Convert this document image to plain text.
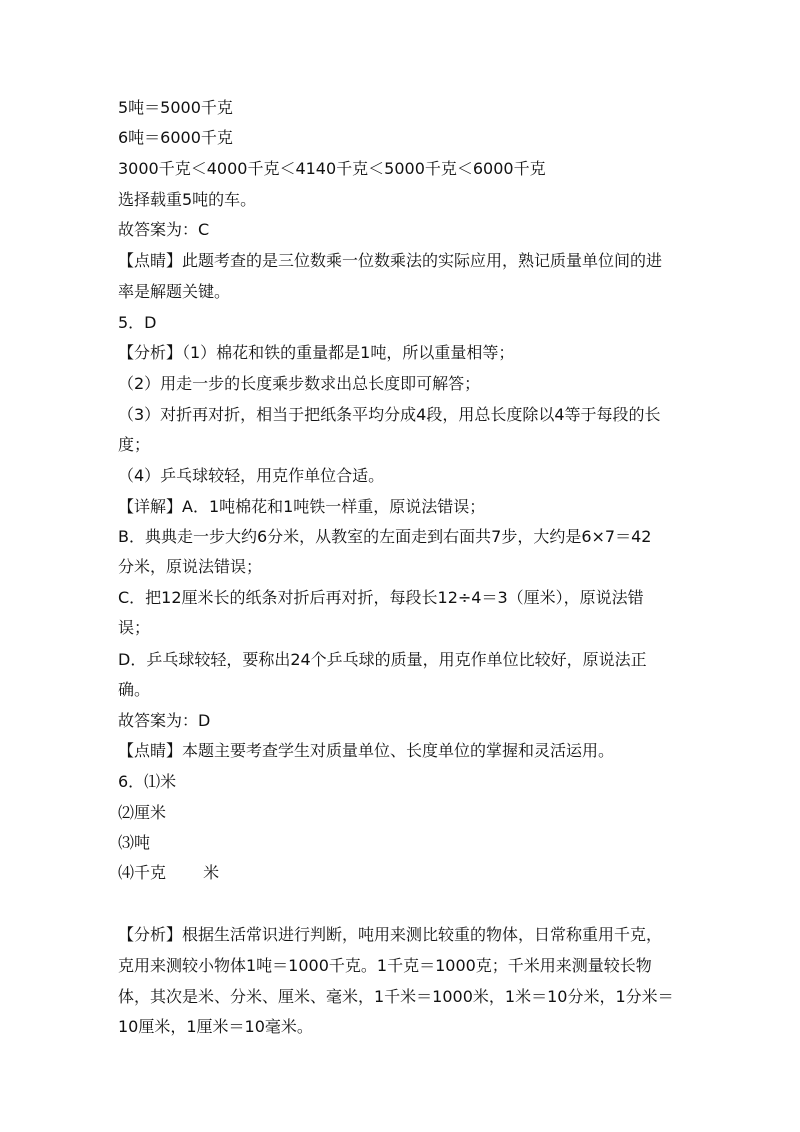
5吨＝5000千克

6吨＝6000千克

3000千克＜4000千克＜4140千克＜5000千克＜6000千克

选择载重5吨的车。

故答案为：C

【点睛】此题考查的是三位数乘一位数乘法的实际应用，熟记质量单位间的进

率是解题关键。

5．D

【分析】（1）棉花和铁的重量都是1吨，所以重量相等；

（2）用走一步的长度乘步数求出总长度即可解答；

（3）对折再对折，相当于把纸条平均分成4段，用总长度除以4等于每段的长

度；

（4）乒乓球较轻，用克作单位合适。

【详解】A．1吨棉花和1吨铁一样重，原说法错误；

B．典典走一步大约6分米，从教室的左面走到右面共7步，大约是6×7＝42

分米，原说法错误；

C．把12厘米长的纸条对折后再对折，每段长12÷4＝3（厘米），原说法错

误；

D．乒乓球较轻，要称出24个乒乓球的质量，用克作单位比较好，原说法正

确。

故答案为：D

【点睛】本题主要考查学生对质量单位、长度单位的掌握和灵活运用。

6．⑴米

⑵厘米

⑶吨

⑷千克　　 米

【分析】根据生活常识进行判断，吨用来测比较重的物体，日常称重用千克，

克用来测较小物体1吨＝1000千克。1千克＝1000克；千米用来测量较长物

体，其次是米、分米、厘米、毫米，1千米＝1000米，1米＝10分米，1分米＝

10厘米，1厘米＝10毫米。
